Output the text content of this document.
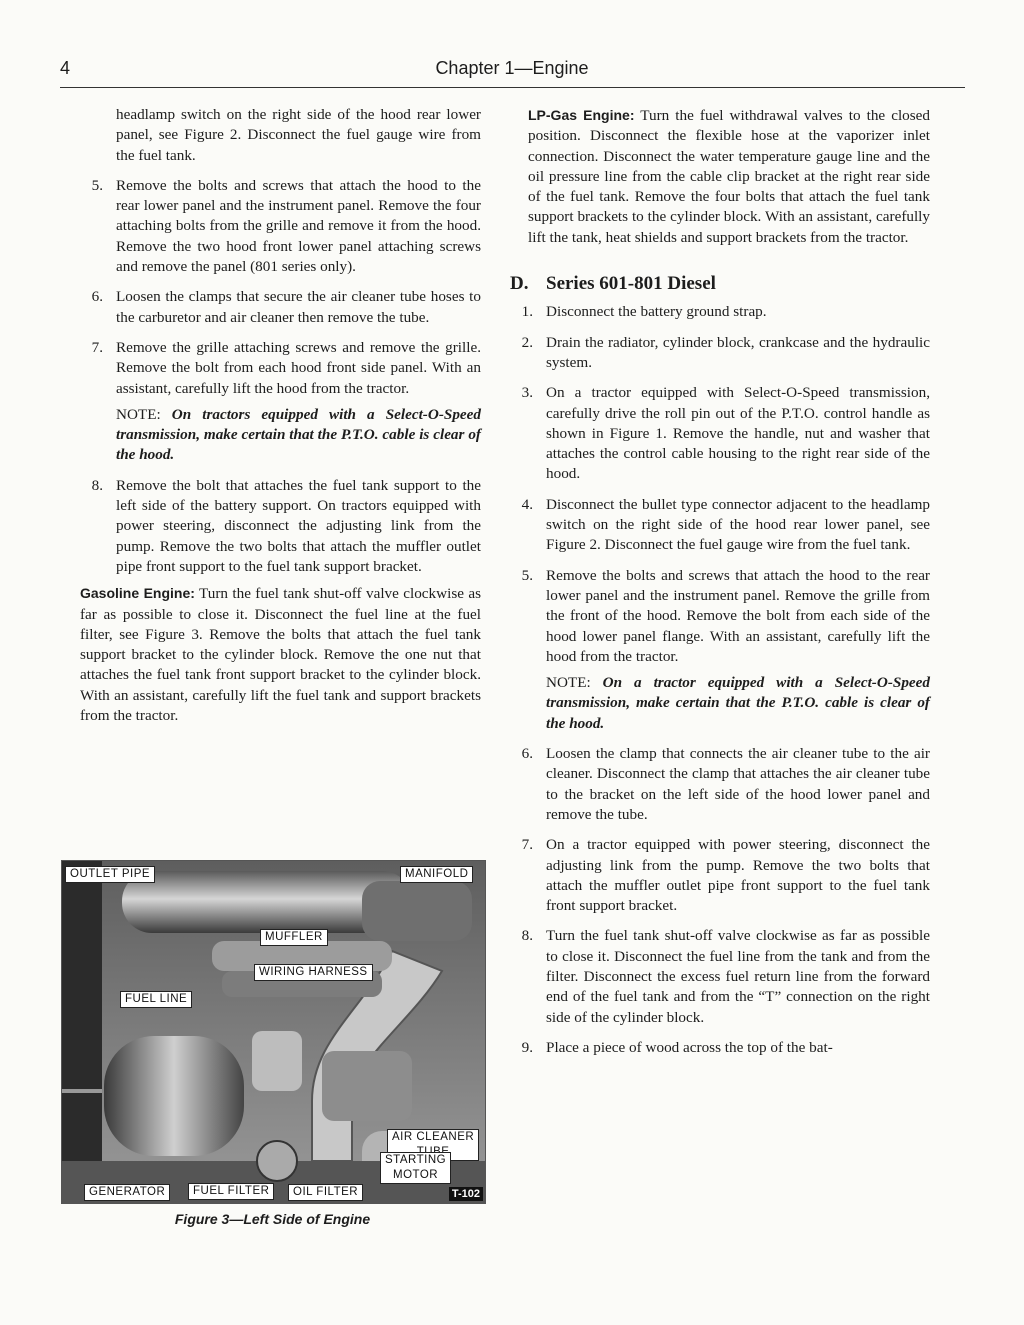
4	Chapter 1—Engine
headlamp switch on the right side of the hood rear lower panel, see Figure 2. Disconnect the fuel gauge wire from the fuel tank.
5. Remove the bolts and screws that attach the hood to the rear lower panel and the instrument panel. Remove the four attaching bolts from the grille and remove it from the hood. Remove the two hood front lower panel attaching screws and remove the panel (801 series only).
6. Loosen the clamps that secure the air cleaner tube hoses to the carburetor and air cleaner then remove the tube.
7. Remove the grille attaching screws and remove the grille. Remove the bolt from each hood front side panel. With an assistant, carefully lift the hood from the tractor.
NOTE: On tractors equipped with a Select-O-Speed transmission, make certain that the P.T.O. cable is clear of the hood.
8. Remove the bolt that attaches the fuel tank support to the left side of the battery support. On tractors equipped with power steering, disconnect the adjusting link from the pump. Remove the two bolts that attach the muffler outlet pipe front support to the fuel tank support bracket.

Gasoline Engine: Turn the fuel tank shut-off valve clockwise as far as possible to close it. Disconnect the fuel line at the fuel filter, see Figure 3. Remove the bolts that attach the fuel tank support bracket to the cylinder block. Remove the one nut that attaches the fuel tank front support bracket to the cylinder block. With an assistant, carefully lift the fuel tank and support brackets from the tractor.

OUTLET PIPE	MANIFOLD
MUFFLER
WIRING HARNESS
FUEL LINE
AIR CLEANER
STARTING
MOTOR
GENERATOR	FUEL FILTER	OIL FILTER	T-102
Figure 3—Left Side of Engine

LP-Gas Engine: Turn the fuel withdrawal valves to the closed position. Disconnect the flexible hose at the vaporizer inlet connection. Disconnect the water temperature gauge line and the oil pressure line from the cable clip bracket at the right rear side of the fuel tank. Remove the four bolts that attach the fuel tank support brackets to the cylinder block. With an assistant, carefully lift the tank, heat shields and support brackets from the tractor.

D. Series 601-801 Diesel
1. Disconnect the battery ground strap.
2. Drain the radiator, cylinder block, crankcase and the hydraulic system.
3. On a tractor equipped with Select-O-Speed transmission, carefully drive the roll pin out of the P.T.O. control handle as shown in Figure 1. Remove the handle, nut and washer that attaches the control cable housing to the right rear side of the hood.
4. Disconnect the bullet type connector adjacent to the headlamp switch on the right side of the hood rear lower panel, see Figure 2. Disconnect the fuel gauge wire from the fuel tank.
5. Remove the bolts and screws that attach the hood to the rear lower panel and the instrument panel. Remove the grille from the front of the hood. Remove the bolt from each side of the hood lower panel flange. With an assistant, carefully lift the hood from the tractor.
NOTE: On a tractor equipped with a Select-O-Speed transmission, make certain that the P.T.O. cable is clear of the hood.
6. Loosen the clamp that connects the air cleaner tube to the air cleaner. Disconnect the clamp that attaches the air cleaner tube to the bracket on the left side of the hood lower panel and remove the tube.
7. On a tractor equipped with power steering, disconnect the adjusting link from the pump. Remove the two bolts that attach the muffler outlet pipe front support to the fuel tank front support bracket.
8. Turn the fuel tank shut-off valve clockwise as far as possible to close it. Disconnect the fuel line from the tank and from the filter. Disconnect the excess fuel return line from the forward end of the fuel tank and from the “T” connection on the right side of the cylinder block.
9. Place a piece of wood across the top of the bat-
